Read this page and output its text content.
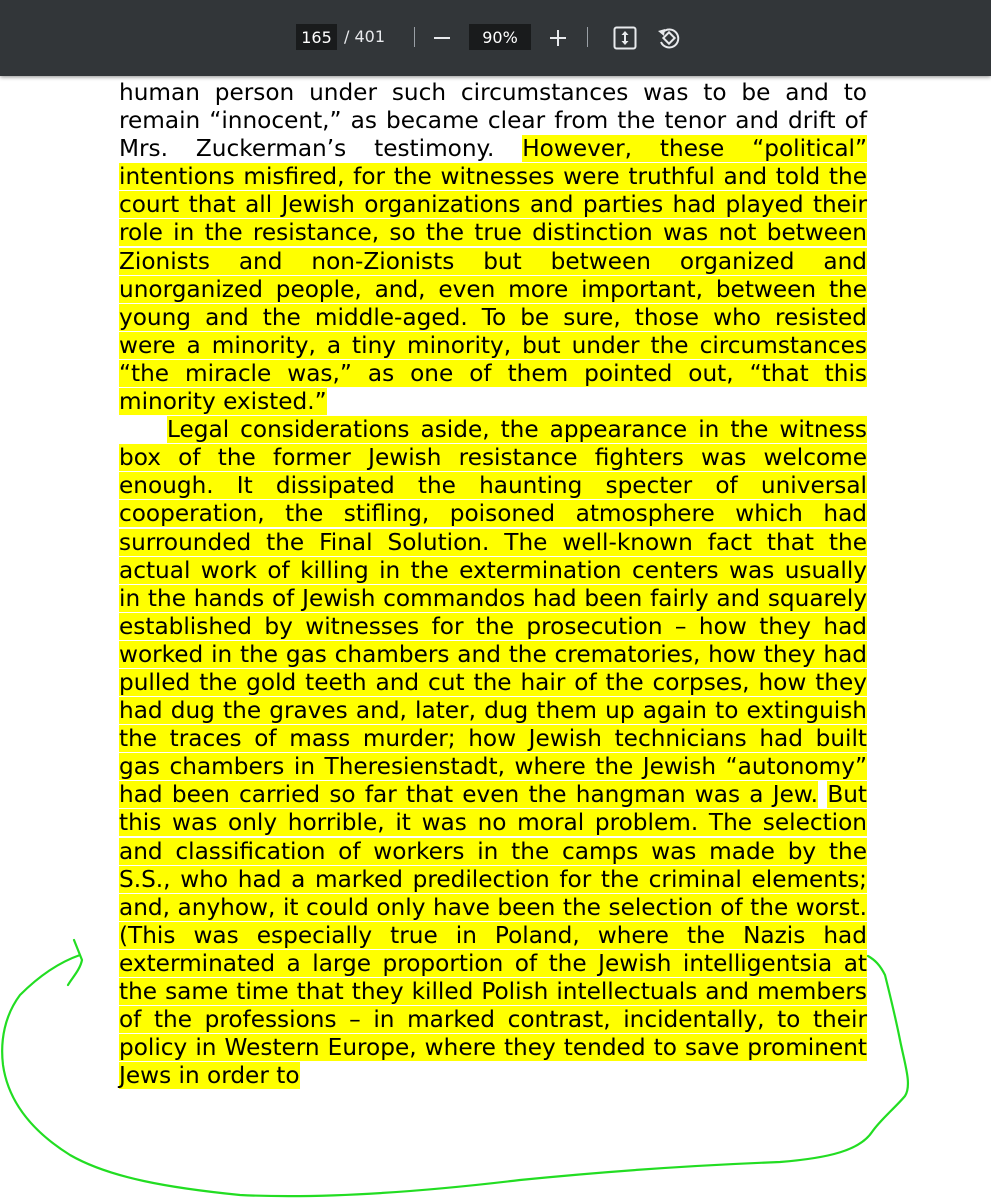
165
/ 401
90%

human person under such circumstances was to be and to remain “innocent,” as became clear from the tenor and drift of Mrs. Zuckerman’s testimony. However, these “political” intentions misfired, for the witnesses were truthful and told the court that all Jewish organizations and parties had played their role in the resistance, so the true distinction was not between Zionists and non-Zionists but between organized and unorganized people, and, even more important, between the young and the middle-aged. To be sure, those who resisted were a minority, a tiny minority, but under the circumstances “the miracle was,” as one of them pointed out, “that this minority existed.”

Legal considerations aside, the appearance in the witness box of the former Jewish resistance fighters was welcome enough. It dissipated the haunting specter of universal cooperation, the stifling, poisoned atmosphere which had surrounded the Final Solution. The well-known fact that the actual work of killing in the extermination centers was usually in the hands of Jewish commandos had been fairly and squarely established by witnesses for the prosecution – how they had worked in the gas chambers and the crematories, how they had pulled the gold teeth and cut the hair of the corpses, how they had dug the graves and, later, dug them up again to extinguish the traces of mass murder; how Jewish technicians had built gas chambers in Theresienstadt, where the Jewish “autonomy” had been carried so far that even the hangman was a Jew. But this was only horrible, it was no moral problem. The selection and classification of workers in the camps was made by the S.S., who had a marked predilection for the criminal elements; and, anyhow, it could only have been the selection of the worst. (This was especially true in Poland, where the Nazis had exterminated a large proportion of the Jewish intelligentsia at the same time that they killed Polish intellectuals and members of the professions – in marked contrast, incidentally, to their policy in Western Europe, where they tended to save prominent Jews in order to
